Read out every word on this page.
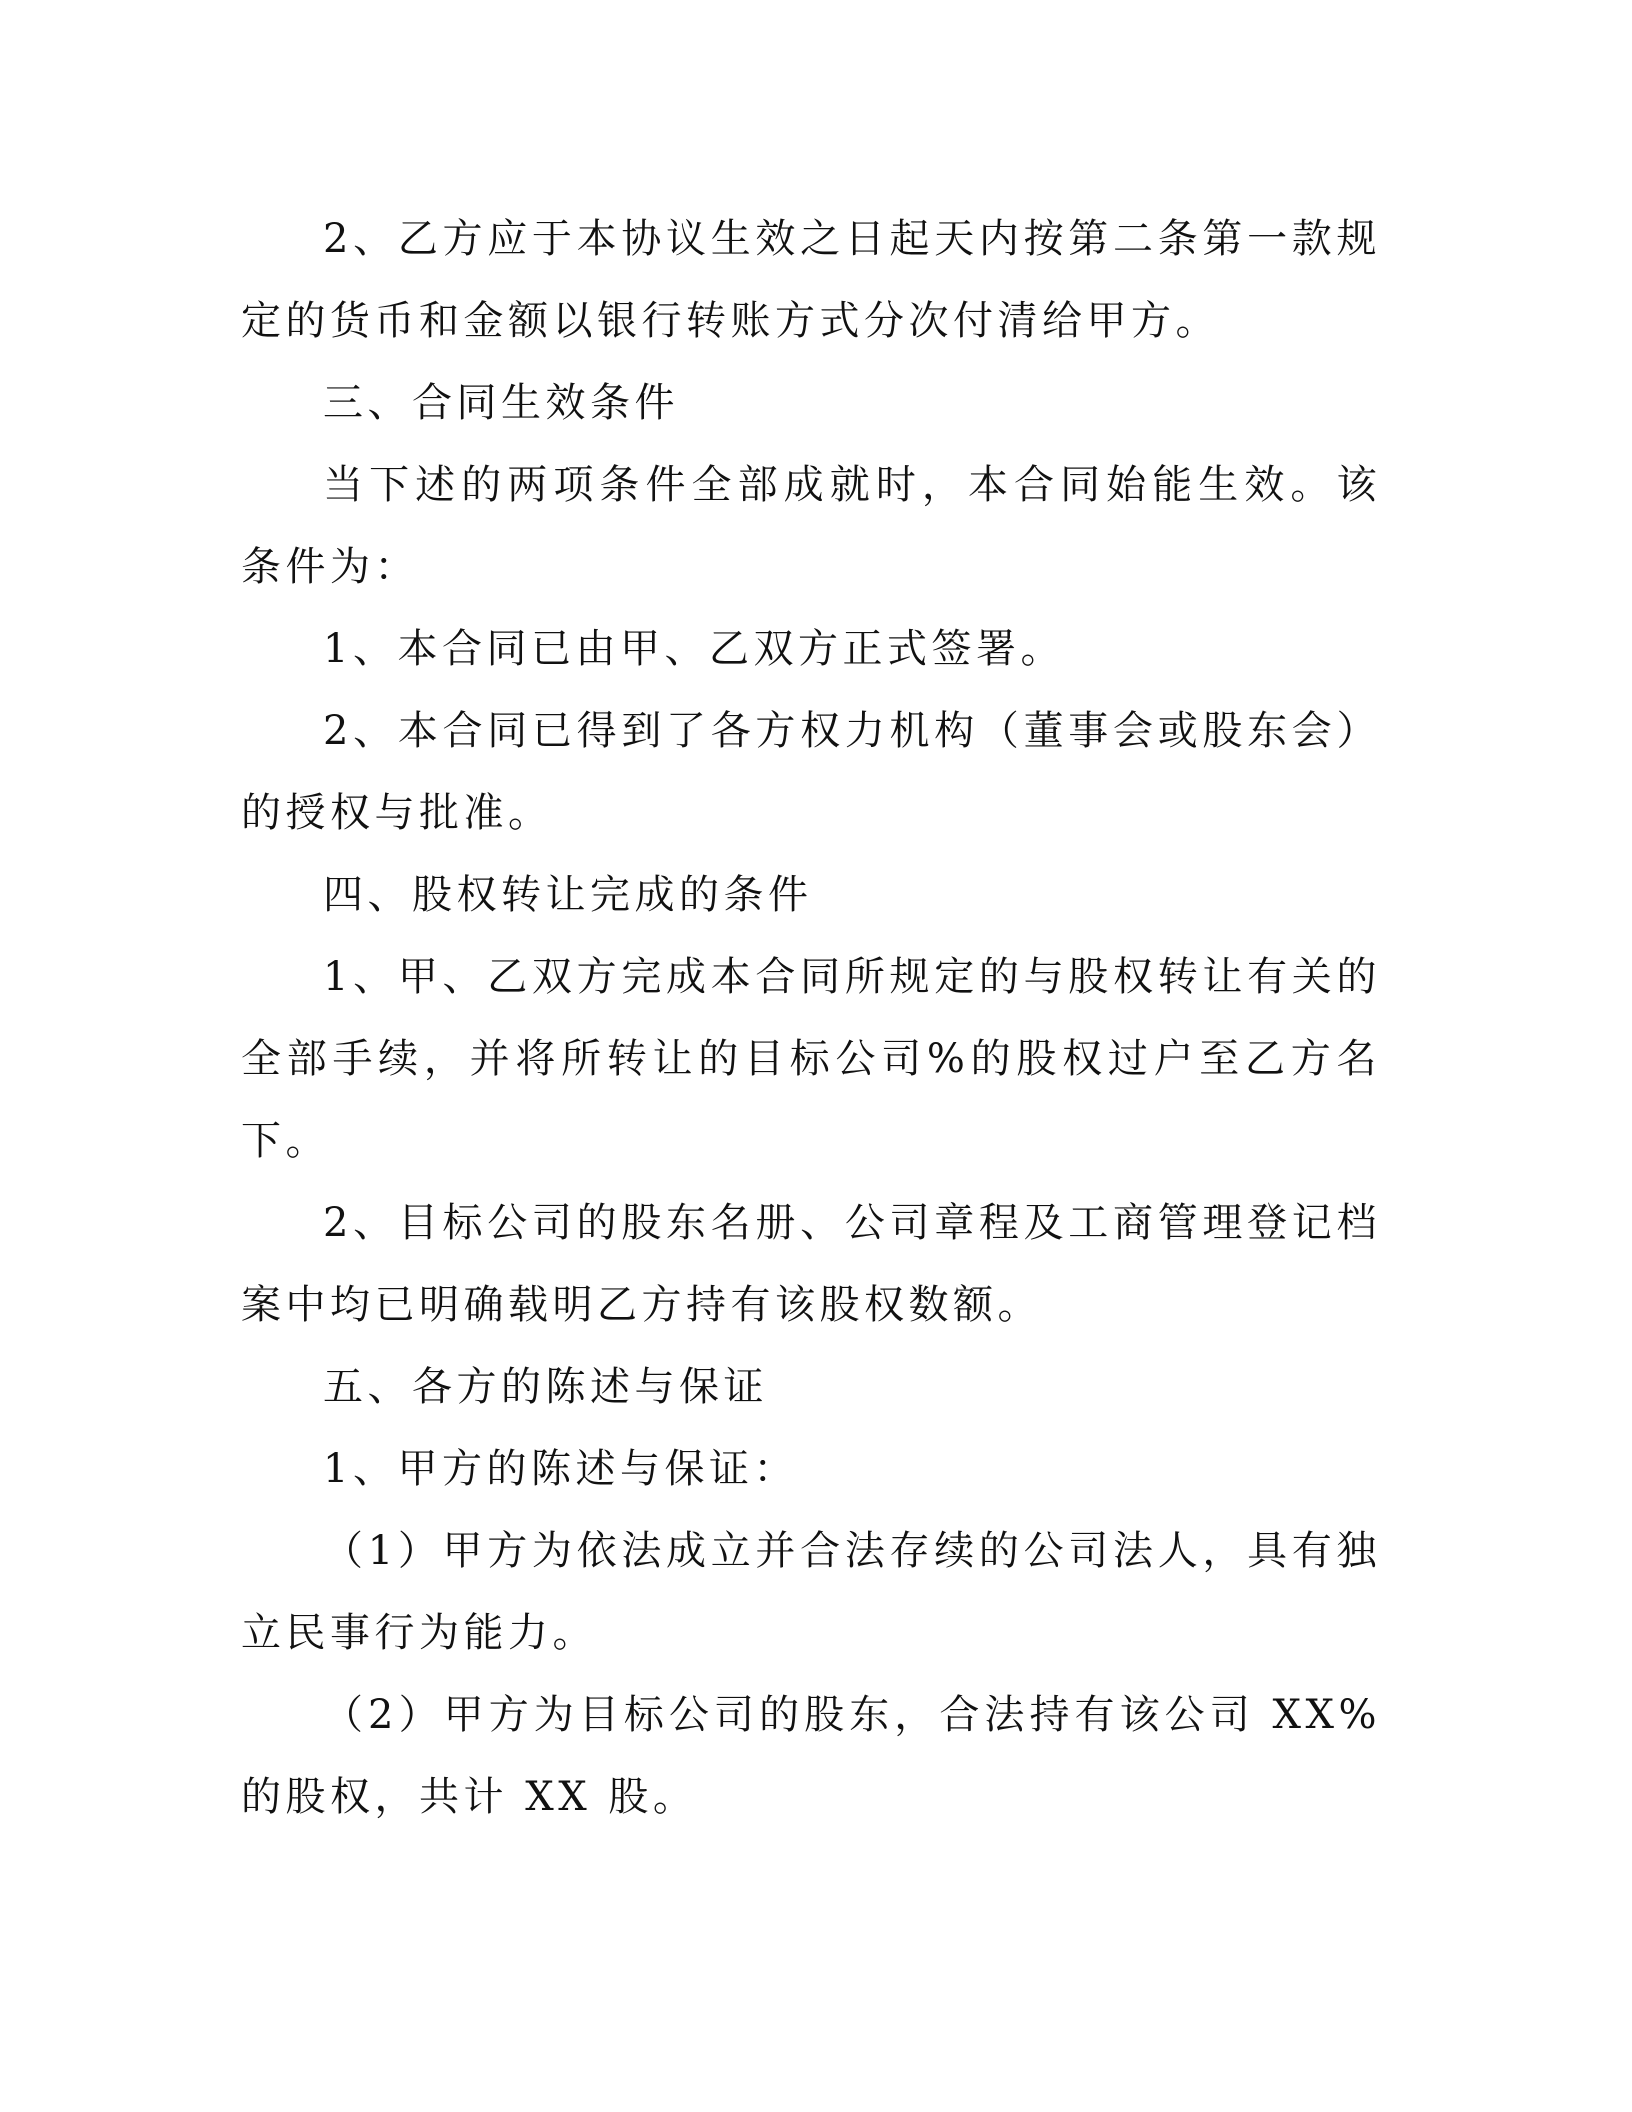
2、乙方应于本协议生效之日起天内按第二条第一款规定的货币和金额以银行转账方式分次付清给甲方。

三、合同生效条件

当下述的两项条件全部成就时，本合同始能生效。该条件为：

1、本合同已由甲、乙双方正式签署。

2、本合同已得到了各方权力机构（董事会或股东会）的授权与批准。

四、股权转让完成的条件

1、甲、乙双方完成本合同所规定的与股权转让有关的全部手续，并将所转让的目标公司%的股权过户至乙方名下。

2、目标公司的股东名册、公司章程及工商管理登记档案中均已明确载明乙方持有该股权数额。

五、各方的陈述与保证

1、甲方的陈述与保证：

（1）甲方为依法成立并合法存续的公司法人，具有独立民事行为能力。

（2）甲方为目标公司的股东，合法持有该公司 XX%的股权，共计 XX 股。
